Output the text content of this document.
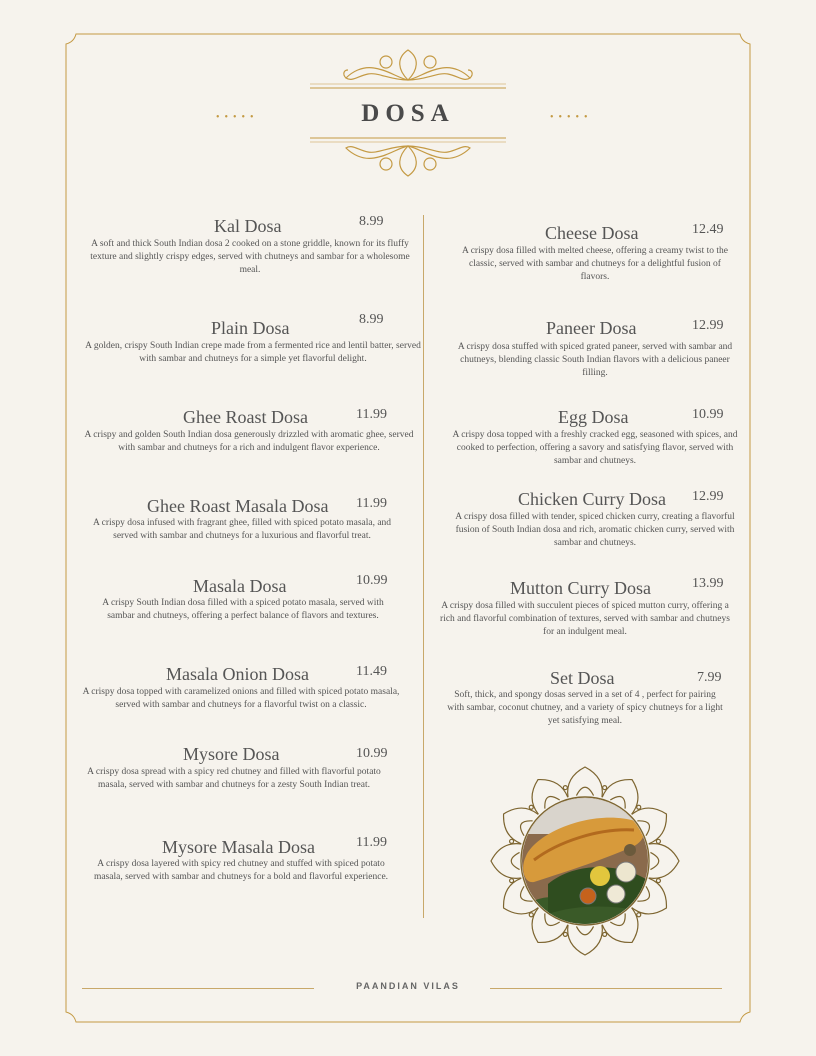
•••••	DOSA	•••••
Kal Dosa	8.99
A soft and thick South Indian dosa 2 cooked on a stone griddle, known for its fluffy texture and slightly crispy edges, served with chutneys and sambar for a wholesome meal.
Plain Dosa	8.99
A golden, crispy South Indian crepe made from a fermented rice and lentil batter, served with sambar and chutneys for a simple yet flavorful delight.
Ghee Roast Dosa	11.99
A crispy and golden South Indian dosa generously drizzled with aromatic ghee, served with sambar and chutneys for a rich and indulgent flavor experience.
Ghee Roast Masala Dosa 11.99
A crispy dosa infused with fragrant ghee, filled with spiced potato masala, and served with sambar and chutneys for a luxurious and flavorful treat.
Masala Dosa	10.99
A crispy South Indian dosa filled with a spiced potato masala, served with sambar and chutneys, offering a perfect balance of flavors and textures.
Masala Onion Dosa	11.49
A crispy dosa topped with caramelized onions and filled with spiced potato masala, served with sambar and chutneys for a flavorful twist on a classic.
Mysore Dosa	10.99
A crispy dosa spread with a spicy red chutney and filled with flavorful potato masala, served with sambar and chutneys for a zesty South Indian treat.
Mysore Masala Dosa	11.99
A crispy dosa layered with spicy red chutney and stuffed with spiced potato masala, served with sambar and chutneys for a bold and flavorful experience.
Cheese Dosa	12.49
A crispy dosa filled with melted cheese, offering a creamy twist to the classic, served with sambar and chutneys for a delightful fusion of flavors.
Paneer Dosa	12.99
A crispy dosa stuffed with spiced grated paneer, served with sambar and chutneys, blending classic South Indian flavors with a delicious paneer filling.
Egg Dosa	10.99
A crispy dosa topped with a freshly cracked egg, seasoned with spices, and cooked to perfection, offering a savory and satisfying flavor, served with sambar and chutneys.
Chicken Curry Dosa 12.99
A crispy dosa filled with tender, spiced chicken curry, creating a flavorful fusion of South Indian dosa and rich, aromatic chicken curry, served with sambar and chutneys.
Mutton Curry Dosa	13.99
A crispy dosa filled with succulent pieces of spiced mutton curry, offering a rich and flavorful combination of textures, served with sambar and chutneys for an indulgent meal.
Set Dosa	7.99
Soft, thick, and spongy dosas served in a set of 4 , perfect for pairing with sambar, coconut chutney, and a variety of spicy chutneys for a light yet satisfying meal.
PAANDIAN VILAS
